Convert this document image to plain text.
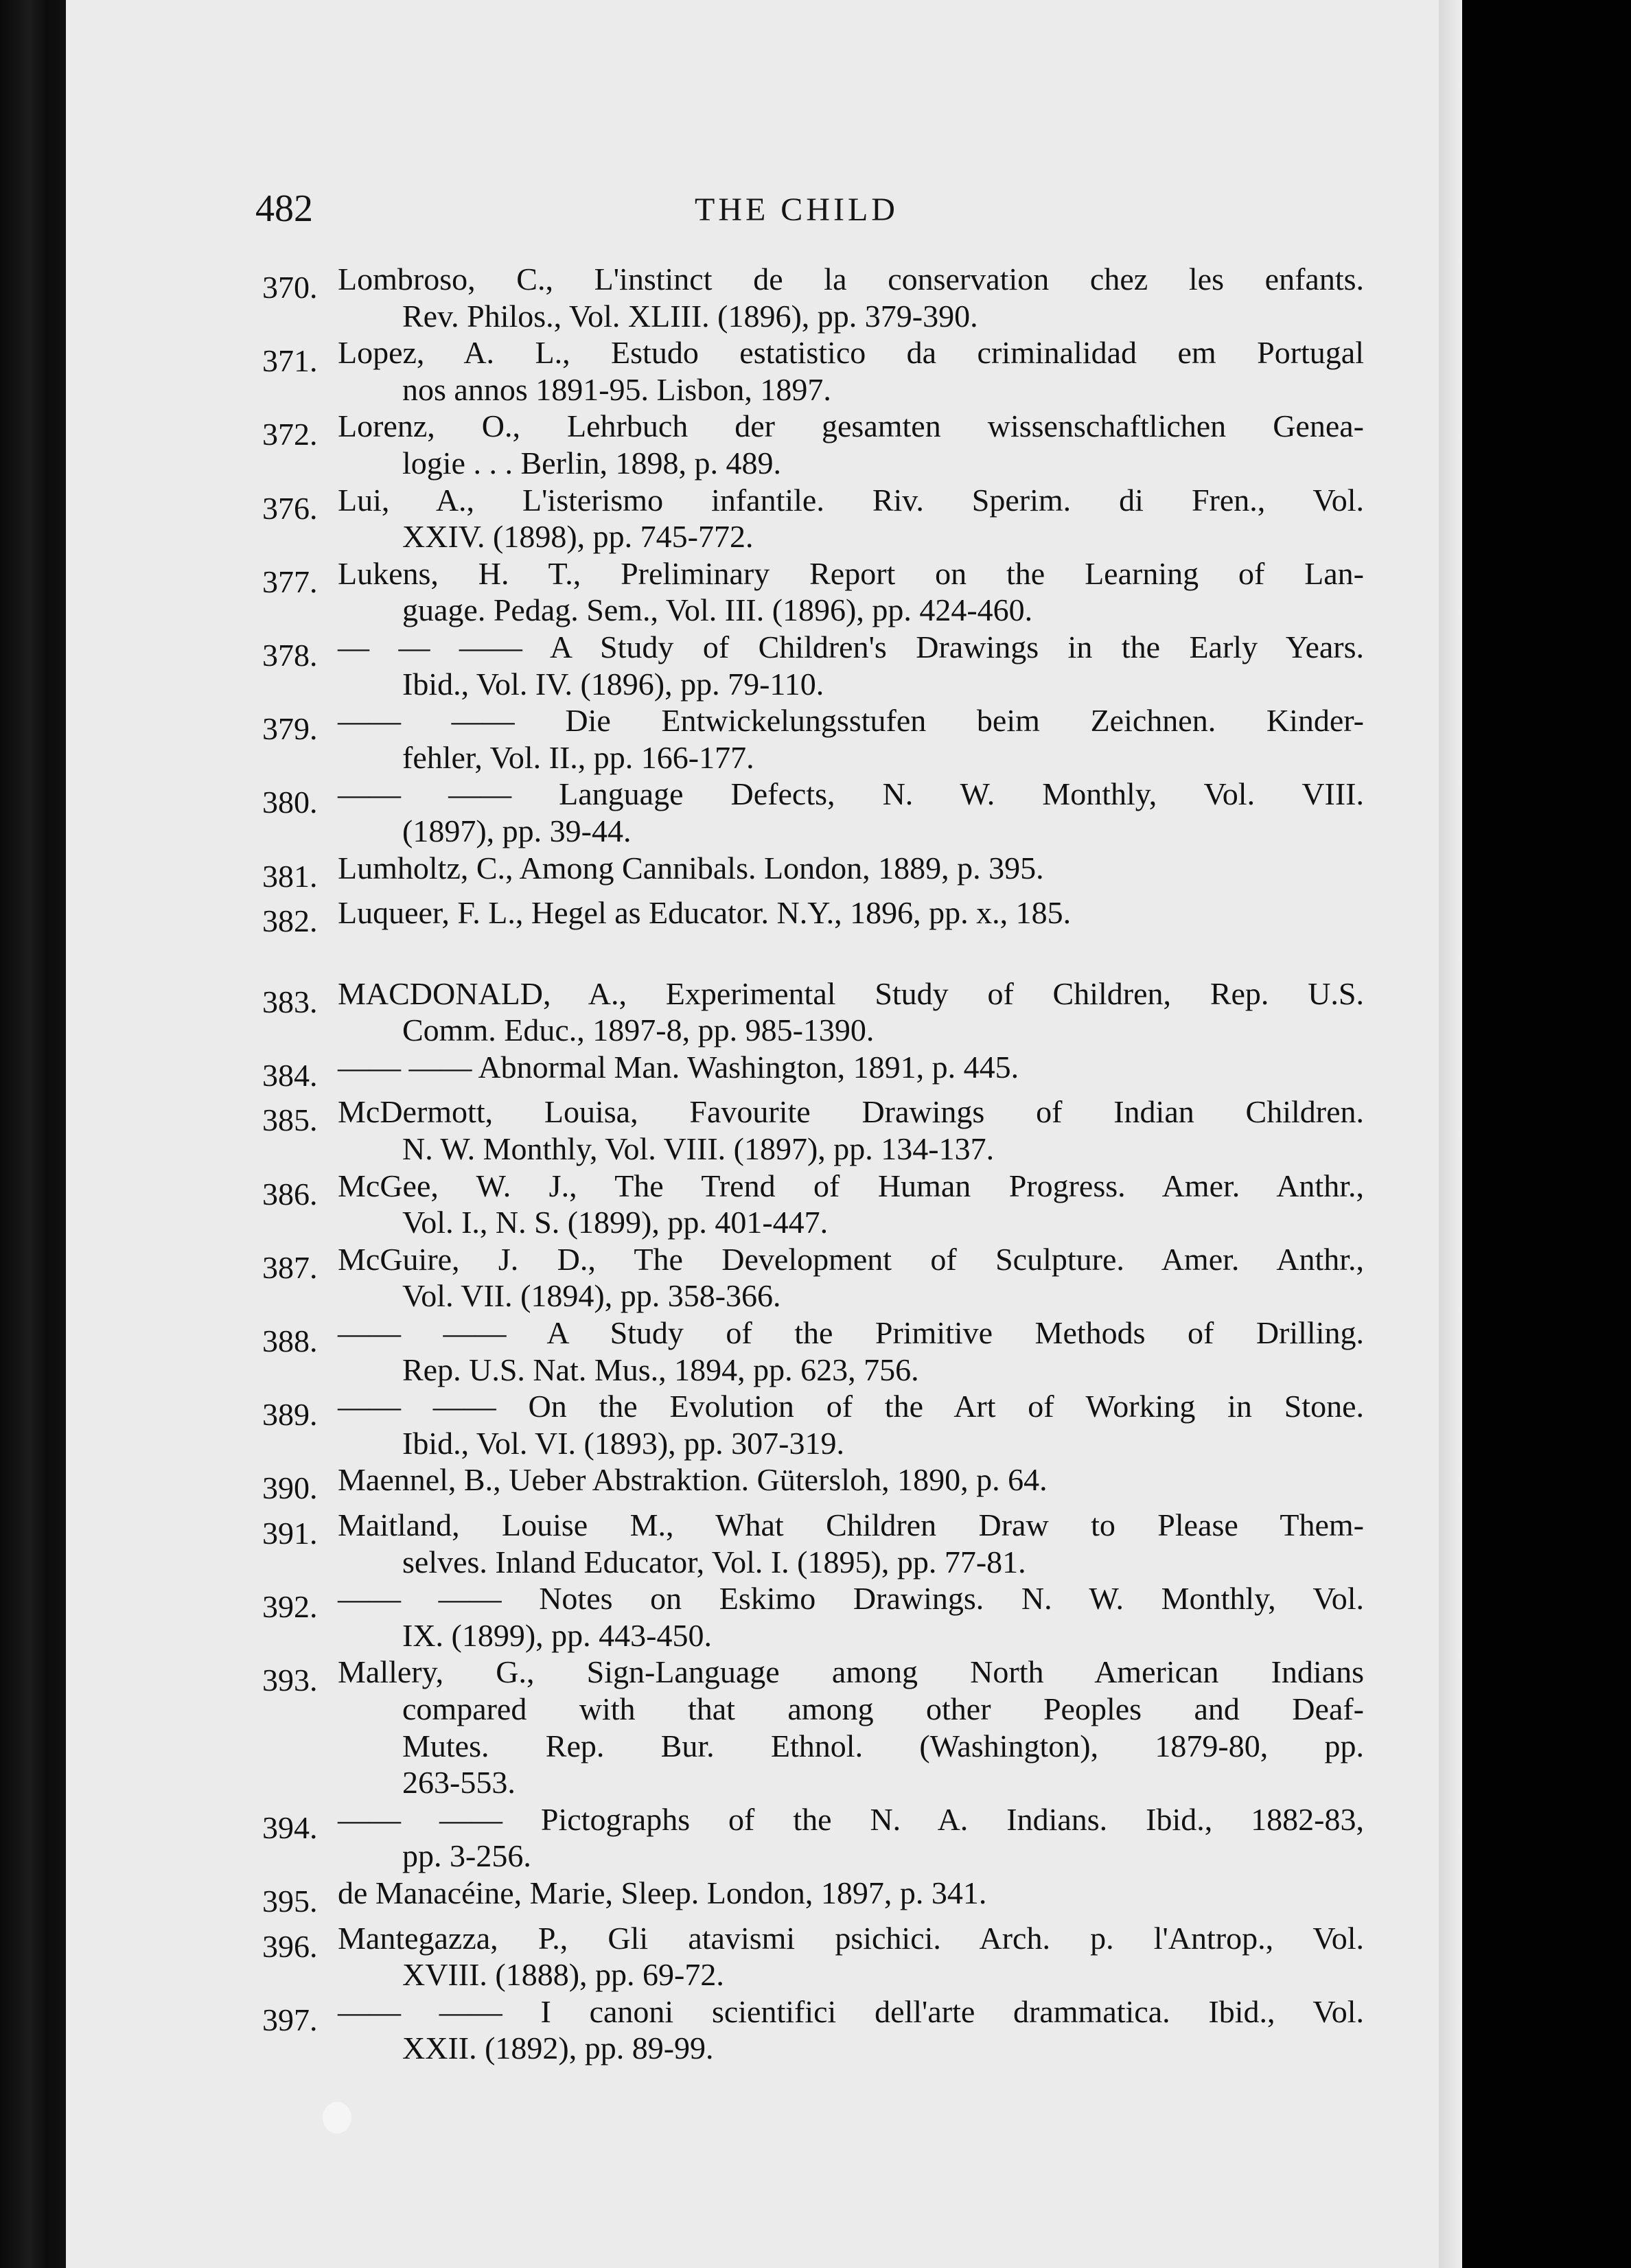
482	THE CHILD
370. Lombroso, C., L'instinct de la conservation chez les enfants.
Rev. Philos., Vol. XLIII. (1896), pp. 379-390.
371. Lopez, A. L., Estudo estatistico da criminalidad em Portugal
nos annos 1891-95. Lisbon, 1897.
372. Lorenz, O., Lehrbuch der gesamten wissenschaftlichen Genea-
logie . . . Berlin, 1898, p. 489.
376. Lui, A., L'isterismo infantile. Riv. Sperim. di Fren., Vol.
XXIV. (1898), pp. 745-772.
377. Lukens, H. T., Preliminary Report on the Learning of Lan-
guage. Pedag. Sem., Vol. III. (1896), pp. 424-460.
378. — — —— A Study of Children's Drawings in the Early Years.
Ibid., Vol. IV. (1896), pp. 79-110.
379. —— —— Die Entwickelungsstufen beim Zeichnen. Kinder-
fehler, Vol. II., pp. 166-177.
380. —— —— Language Defects, N. W. Monthly, Vol. VIII.
(1897), pp. 39-44.
381. Lumholtz, C., Among Cannibals. London, 1889, p. 395.
382. Luqueer, F. L., Hegel as Educator. N.Y., 1896, pp. x., 185.
383. MACDONALD, A., Experimental Study of Children, Rep. U.S.
Comm. Educ., 1897-8, pp. 985-1390.
384. —— —— Abnormal Man. Washington, 1891, p. 445.
385. McDermott, Louisa, Favourite Drawings of Indian Children.
N. W. Monthly, Vol. VIII. (1897), pp. 134-137.
386. McGee, W. J., The Trend of Human Progress. Amer. Anthr.,
Vol. I., N. S. (1899), pp. 401-447.
387. McGuire, J. D., The Development of Sculpture. Amer. Anthr.,
Vol. VII. (1894), pp. 358-366.
388. —— —— A Study of the Primitive Methods of Drilling.
Rep. U.S. Nat. Mus., 1894, pp. 623, 756.
389. —— —— On the Evolution of the Art of Working in Stone.
Ibid., Vol. VI. (1893), pp. 307-319.
390. Maennel, B., Ueber Abstraktion. Gütersloh, 1890, p. 64.
391. Maitland, Louise M., What Children Draw to Please Them-
selves. Inland Educator, Vol. I. (1895), pp. 77-81.
392. —— —— Notes on Eskimo Drawings. N. W. Monthly, Vol.
IX. (1899), pp. 443-450.
393. Mallery, G., Sign-Language among North American Indians
compared with that among other Peoples and Deaf-
Mutes. Rep. Bur. Ethnol. (Washington), 1879-80, pp.
263-553.
394. —— —— Pictographs of the N. A. Indians. Ibid., 1882-83,
pp. 3-256.
395. de Manacéine, Marie, Sleep. London, 1897, p. 341.
396. Mantegazza, P., Gli atavismi psichici. Arch. p. l'Antrop., Vol.
XVIII. (1888), pp. 69-72.
397. —— —— I canoni scientifici dell'arte drammatica. Ibid., Vol.
XXII. (1892), pp. 89-99.
